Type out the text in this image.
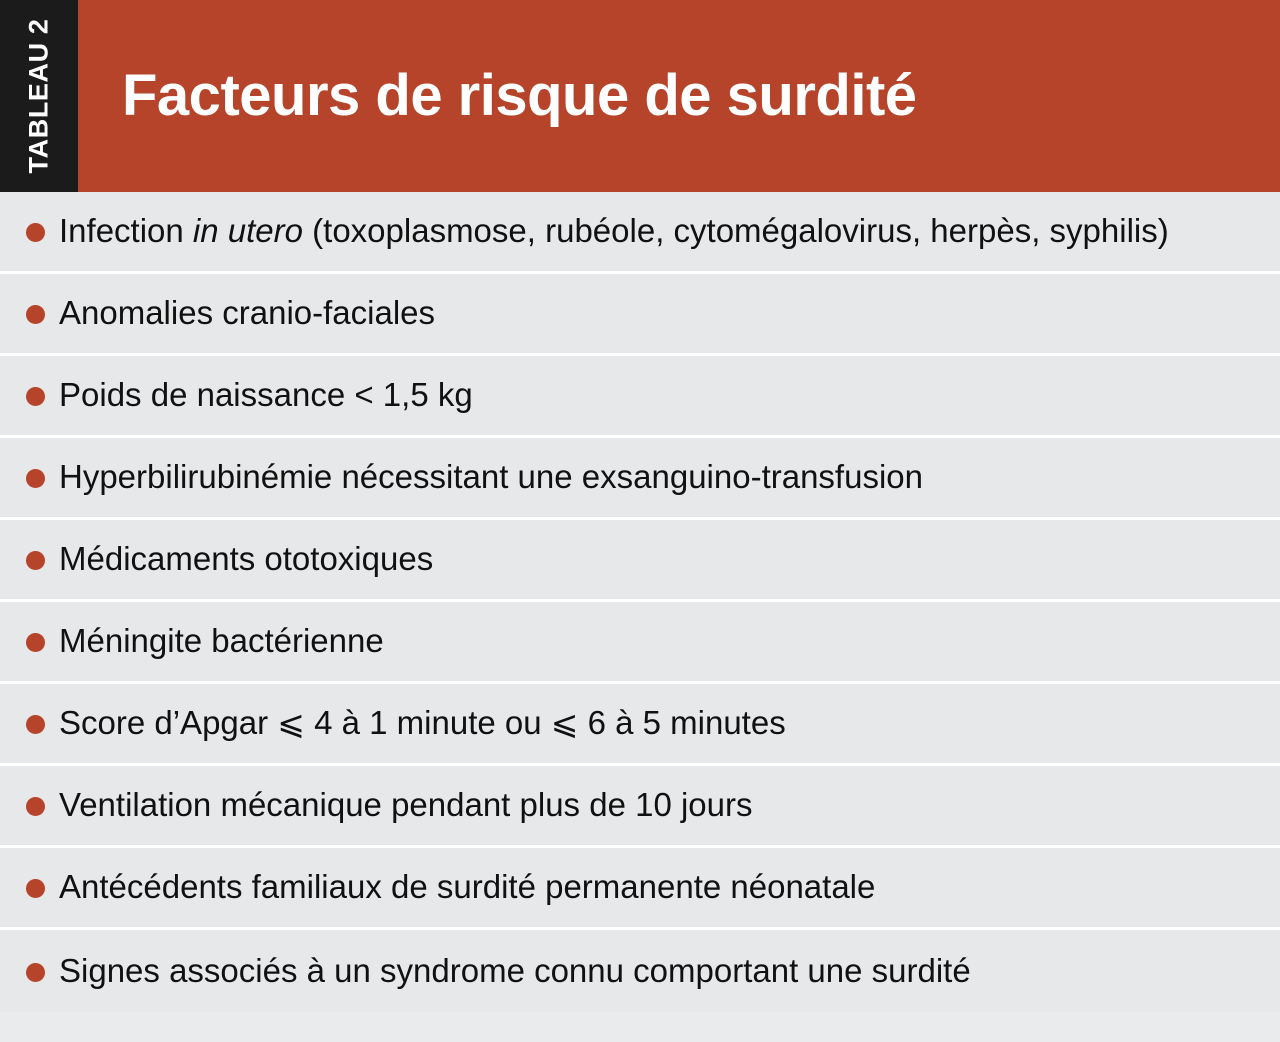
TABLEAU 2 Facteurs de risque de surdité
Infection in utero (toxoplasmose, rubéole, cytomégalovirus, herpès, syphilis)
Anomalies cranio-faciales
Poids de naissance < 1,5 kg
Hyperbilirubinémie nécessitant une exsanguino-transfusion
Médicaments ototoxiques
Méningite bactérienne
Score d’Apgar ⩽ 4 à 1 minute ou ⩽ 6 à 5 minutes
Ventilation mécanique pendant plus de 10 jours
Antécédents familiaux de surdité permanente néonatale
Signes associés à un syndrome connu comportant une surdité
